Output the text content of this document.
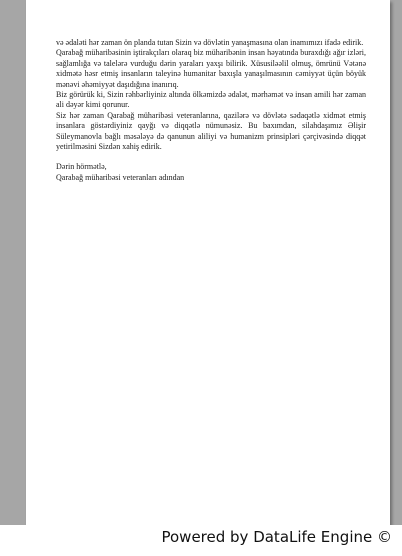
və ədaləti hər zaman ön planda tutan Sizin və dövlətin yanaşmasına olan inamımızı ifadə edirik.

Qarabağ müharibəsinin iştirakçıları olaraq biz müharibənin insan həyatında buraxdığı ağır izləri, sağlamlığa və talelərə vurduğu dərin yaraları yaxşı bilirik. Xüsusiləəlil olmuş, ömrünü Vətənə xidmətə həsr etmiş insanların taleyinə humanitar baxışla yanaşılmasının cəmiyyət üçün böyük mənəvi əhəmiyyət daşıdığına inanırıq.

Biz görürük ki, Sizin rəhbərliyiniz altında ölkəmizdə ədalət, mərhəmət və insan amili hər zaman ali dəyər kimi qorunur.

Siz hər zaman Qarabağ müharibəsi veteranlarına, qazilərə və dövlətə sədaqətlə xidmət etmiş insanlara göstərdiyiniz qayğı və diqqətlə nümunəsiz. Bu baxımdan, silahdaşımız Əlişir Süleymanovla bağlı məsələyə də qanunun aliliyi və humanizm prinsipləri çərçivəsində diqqət yetirilməsini Sizdən xahiş edirik.

Dərin hörmətlə,

Qarabağ müharibəsi veteranları adından

Powered by DataLife Engine ©
